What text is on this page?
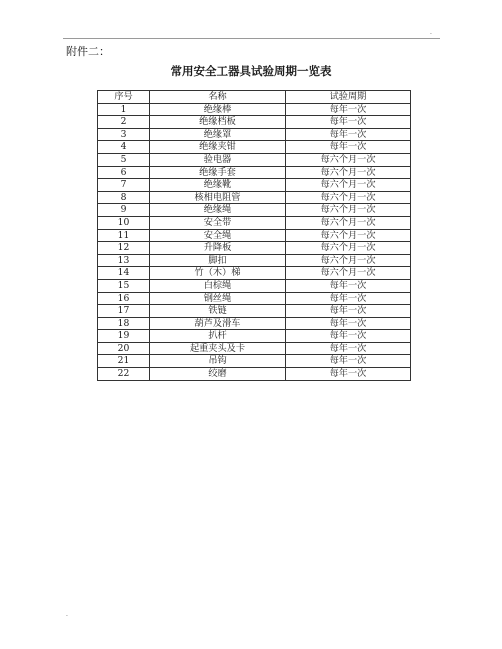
.
附件二：
常用安全工器具试验周期一览表
序号	名称	试验周期
1	绝缘棒	每年一次
2	绝缘档板	每年一次
3	绝缘罩	每年一次
4	绝缘夹钳	每年一次
5	验电器	每六个月一次
6	绝缘手套	每六个月一次
7	绝缘靴	每六个月一次
8	核相电阻管	每六个月一次
9	绝缘绳	每六个月一次
10	安全带	每六个月一次
11	安全绳	每六个月一次
12	升降板	每六个月一次
13	脚扣	每六个月一次
14	竹（木）梯	每六个月一次
15	白棕绳	每年一次
16	钢丝绳	每年一次
17	铁链	每年一次
18	葫芦及滑车	每年一次
19	扒杆	每年一次
20	起重夹头及卡	每年一次
21	吊钩	每年一次
22	绞磨	每年一次
.
